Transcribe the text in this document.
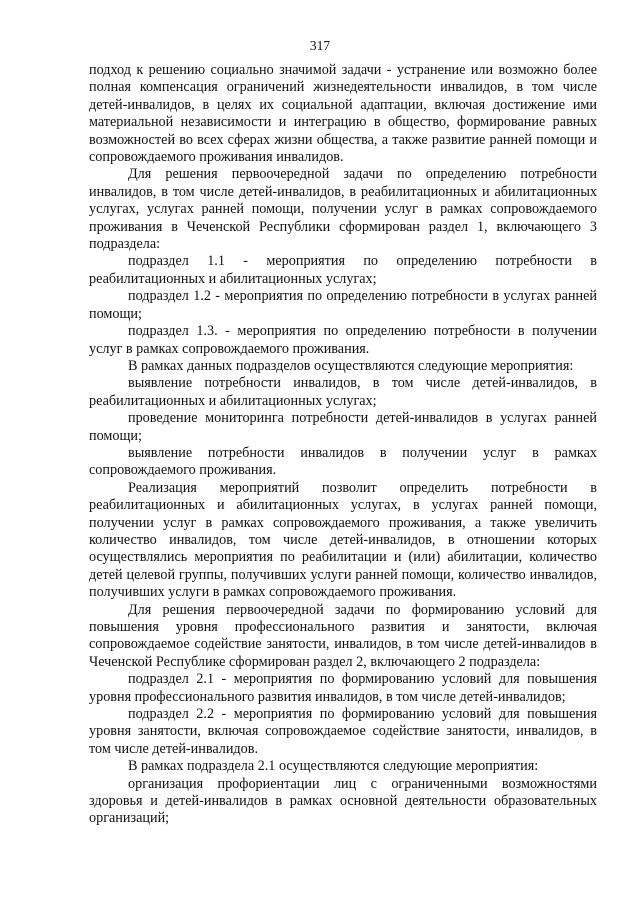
317

подход к решению социально значимой задачи - устранение или возможно более полная компенсация ограничений жизнедеятельности инвалидов, в том числе детей-инвалидов, в целях их социальной адаптации, включая достижение ими материальной независимости и интеграцию в общество, формирование равных возможностей во всех сферах жизни общества, а также развитие ранней помощи и сопровождаемого проживания инвалидов.

Для решения первоочередной задачи по определению потребности инвалидов, в том числе детей-инвалидов, в реабилитационных и абилитационных услугах, услугах ранней помощи, получении услуг в рамках сопровождаемого проживания в Чеченской Республики сформирован раздел 1, включающего 3 подраздела:

подраздел 1.1 - мероприятия по определению потребности в реабилитационных и абилитационных услугах;

подраздел 1.2 - мероприятия по определению потребности в услугах ранней помощи;

подраздел 1.3. - мероприятия по определению потребности в получении услуг в рамках сопровождаемого проживания.

В рамках данных подразделов осуществляются следующие мероприятия:

выявление потребности инвалидов, в том числе детей-инвалидов, в реабилитационных и абилитационных услугах;

проведение мониторинга потребности детей-инвалидов в услугах ранней помощи;

выявление потребности инвалидов в получении услуг в рамках сопровождаемого проживания.

Реализация мероприятий позволит определить потребности в реабилитационных и абилитационных услугах, в услугах ранней помощи, получении услуг в рамках сопровождаемого проживания, а также увеличить количество инвалидов, том числе детей-инвалидов, в отношении которых осуществлялись мероприятия по реабилитации и (или) абилитации, количество детей целевой группы, получивших услуги ранней помощи, количество инвалидов, получивших услуги в рамках сопровождаемого проживания.

Для решения первоочередной задачи по формированию условий для повышения уровня профессионального развития и занятости, включая сопровождаемое содействие занятости, инвалидов, в том числе детей-инвалидов в Чеченской Республике сформирован раздел 2, включающего 2 подраздела:

подраздел 2.1 - мероприятия по формированию условий для повышения уровня профессионального развития инвалидов, в том числе детей-инвалидов;

подраздел 2.2 - мероприятия по формированию условий для повышения уровня занятости, включая сопровождаемое содействие занятости, инвалидов, в том числе детей-инвалидов.

В рамках подраздела 2.1 осуществляются следующие мероприятия:

организация профориентации лиц с ограниченными возможностями здоровья и детей-инвалидов в рамках основной деятельности образовательных организаций;
